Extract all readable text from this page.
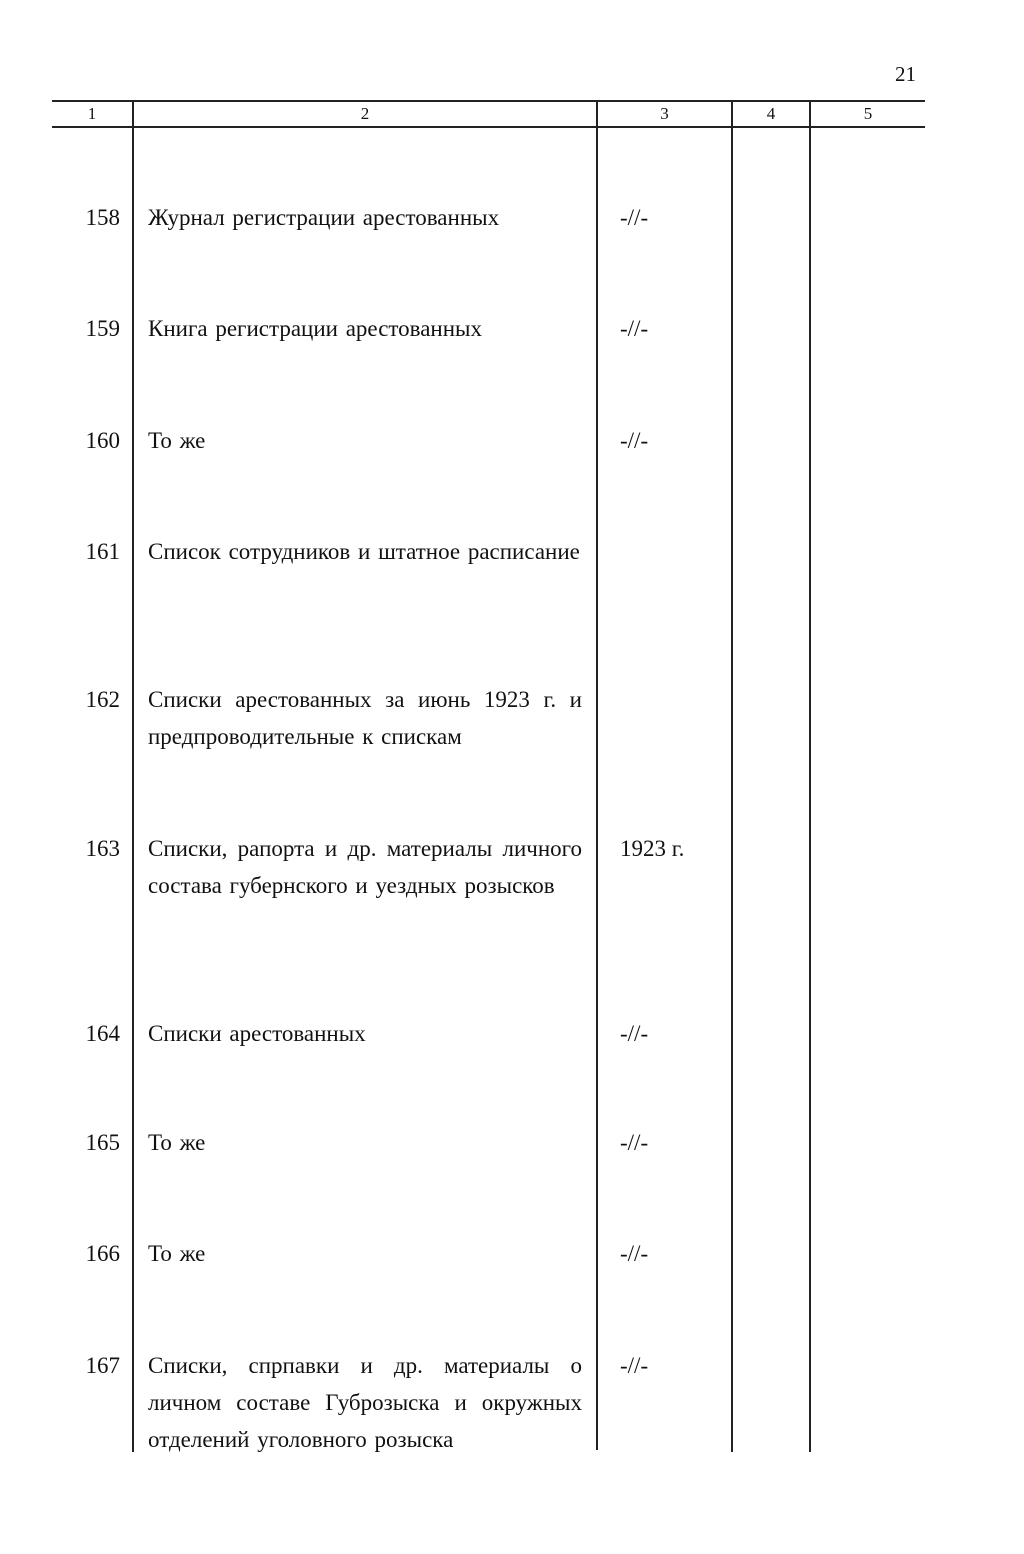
21
1	2	3	4	5
158 Журнал регистрации арестованных	-//-
159 Книга регистрации арестованных	-//-
160 То же	-//-
161 Список сотрудников и штатное расписание
162 Списки арестованных за июнь 1923 г. и предпроводительные к спискам
163 Списки, рапорта и др. материалы личного состава губернского и уездных розысков
1923 г.
164 Списки арестованных	-//-
165 То же	-//-
166 То же	-//-
167 Списки, спрпавки и др. материалы о личном составе Губрозыска и окружных отделений уголовного розыска
-//-
